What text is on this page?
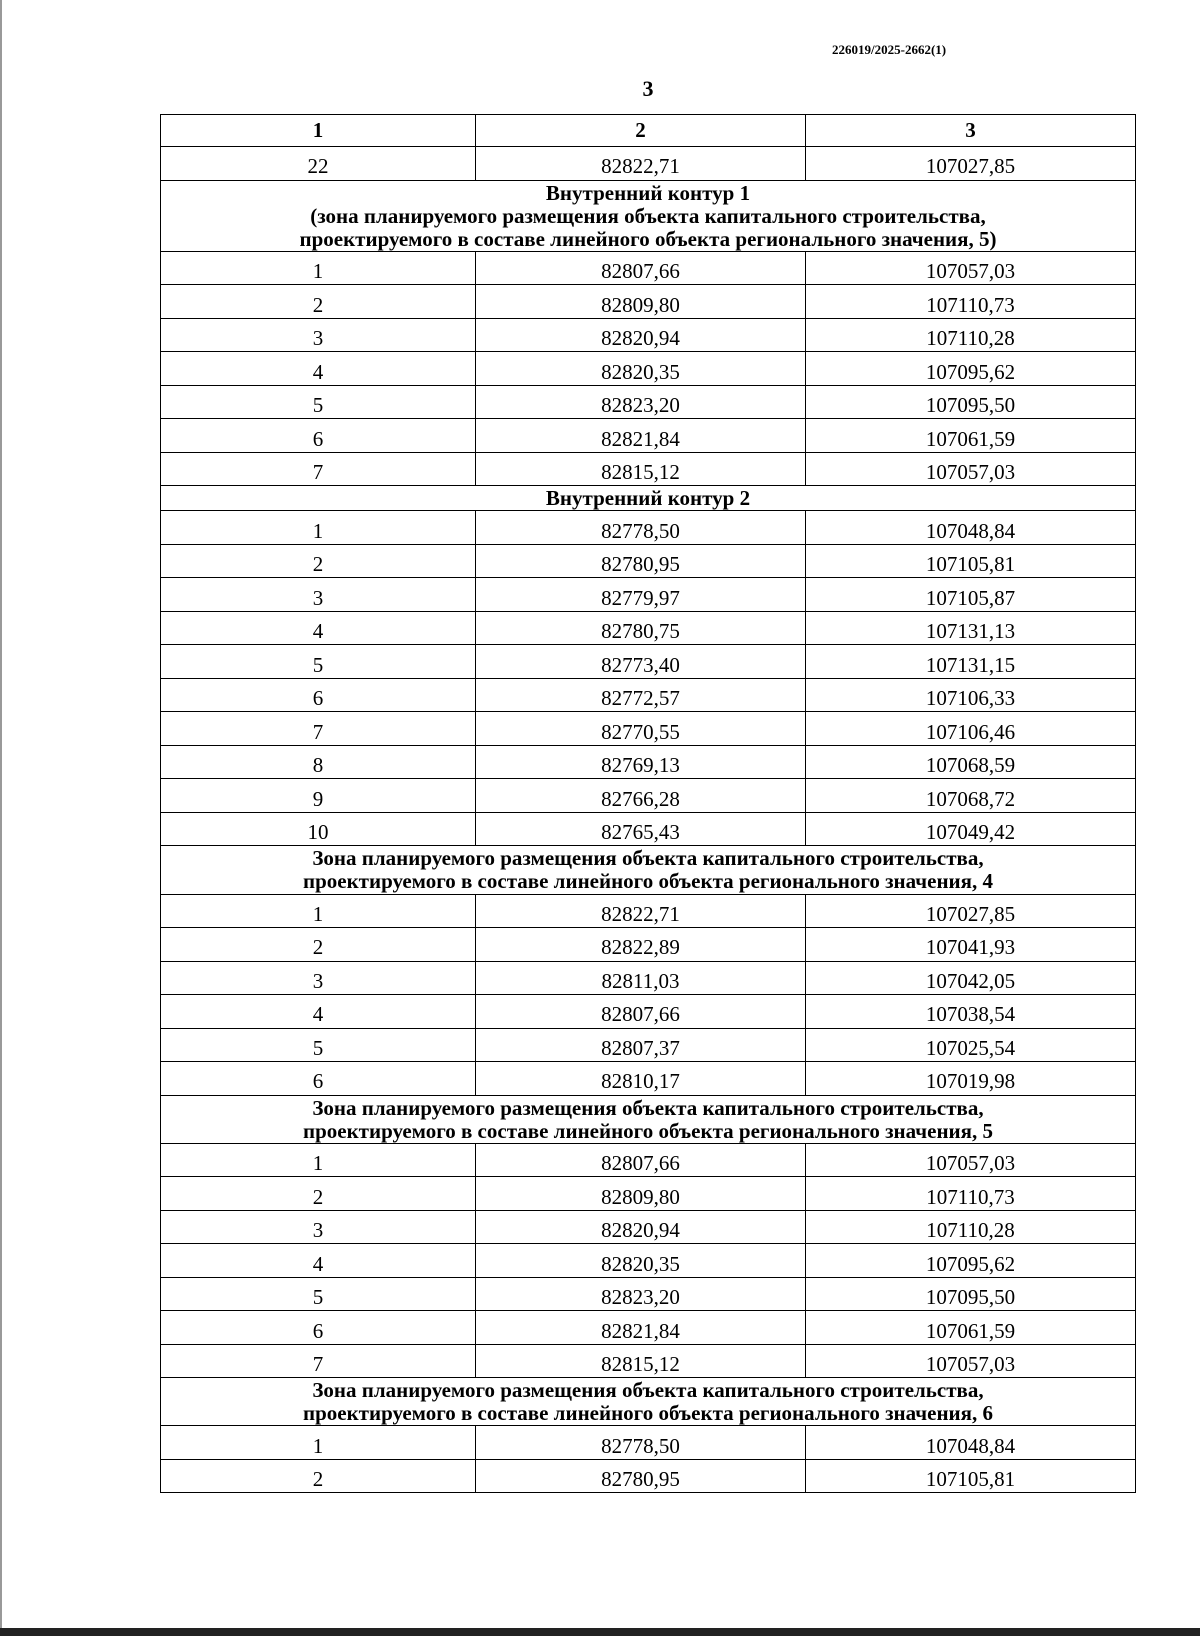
226019/2025-2662(1)
3
1	2	3
22	82822,71	107027,85

Внутренний контур 1
(зона планируемого размещения объекта капитального строительства,
проектируемого в составе линейного объекта регионального значения, 5)		

1	82807,66	107057,03
2	82809,80	107110,73
3	82820,94	107110,28
4	82820,35	107095,62
5	82823,20	107095,50
6	82821,84	107061,59
7	82815,12	107057,03

Внутренний контур 2		

1	82778,50	107048,84
2	82780,95	107105,81
3	82779,97	107105,87
4	82780,75	107131,13
5	82773,40	107131,15
6	82772,57	107106,33
7	82770,55	107106,46
8	82769,13	107068,59
9	82766,28	107068,72
10	82765,43	107049,42

Зона планируемого размещения объекта капитального строительства,
проектируемого в составе линейного объекта регионального значения, 4		

1	82822,71	107027,85
2	82822,89	107041,93
3	82811,03	107042,05
4	82807,66	107038,54
5	82807,37	107025,54
6	82810,17	107019,98

Зона планируемого размещения объекта капитального строительства,
проектируемого в составе линейного объекта регионального значения, 5		

1	82807,66	107057,03
2	82809,80	107110,73
3	82820,94	107110,28
4	82820,35	107095,62
5	82823,20	107095,50
6	82821,84	107061,59
7	82815,12	107057,03

Зона планируемого размещения объекта капитального строительства,
проектируемого в составе линейного объекта регионального значения, 6		

1	82778,50	107048,84
2	82780,95	107105,81
